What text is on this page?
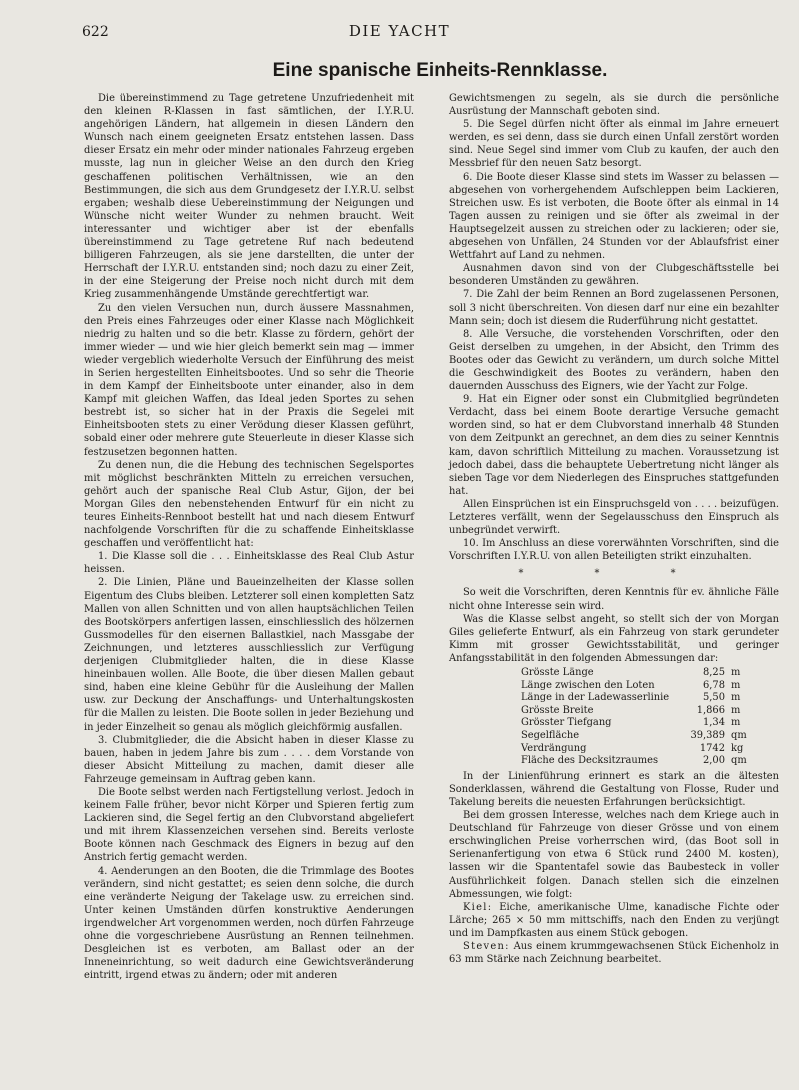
622	DIE YACHT
Eine spanische Einheits-Rennklasse.

Die übereinstimmend zu Tage getretene Unzufriedenheit mit den kleinen R-Klassen in fast sämtlichen, der I.Y.R.U. angehörigen Ländern, hat allgemein in diesen Ländern den Wunsch nach einem geeigneten Ersatz entstehen lassen. Dass dieser Ersatz ein mehr oder minder nationales Fahrzeug ergeben musste, lag nun in gleicher Weise an den durch den Krieg geschaffenen politischen Verhältnissen, wie an den Bestimmungen, die sich aus dem Grundgesetz der I.Y.R.U. selbst ergaben; weshalb diese Uebereinstimmung der Neigungen und Wünsche nicht weiter Wunder zu nehmen braucht. Weit interessanter und wichtiger aber ist der ebenfalls übereinstimmend zu Tage getretene Ruf nach bedeutend billigeren Fahrzeugen, als sie jene darstellten, die unter der Herrschaft der I.Y.R.U. entstanden sind; noch dazu zu einer Zeit, in der eine Steigerung der Preise noch nicht durch mit dem Krieg zusammenhängende Umstände gerechtfertigt war.

Zu den vielen Versuchen nun, durch äussere Massnahmen, den Preis eines Fahrzeuges oder einer Klasse nach Möglichkeit niedrig zu halten und so die betr. Klasse zu fördern, gehört der immer wieder — und wie hier gleich bemerkt sein mag — immer wieder vergeblich wiederholte Versuch der Einführung des meist in Serien hergestellten Einheitsbootes. Und so sehr die Theorie in dem Kampf der Einheitsboote unter einander, also in dem Kampf mit gleichen Waffen, das Ideal jeden Sportes zu sehen bestrebt ist, so sicher hat in der Praxis die Segelei mit Einheitsbooten stets zu einer Verödung dieser Klassen geführt, sobald einer oder mehrere gute Steuerleute in dieser Klasse sich festzusetzen begonnen hatten.

Zu denen nun, die die Hebung des technischen Segelsportes mit möglichst beschränkten Mitteln zu erreichen versuchen, gehört auch der spanische Real Club Astur, Gijon, der bei Morgan Giles den nebenstehenden Entwurf für ein nicht zu teures Einheits-Rennboot bestellt hat und nach diesem Entwurf nachfolgende Vorschriften für die zu schaffende Einheitsklasse geschaffen und veröffentlicht hat:

1. Die Klasse soll die . . . Einheitsklasse des Real Club Astur heissen.

2. Die Linien, Pläne und Baueinzelheiten der Klasse sollen Eigentum des Clubs bleiben. Letzterer soll einen kompletten Satz Mallen von allen Schnitten und von allen hauptsächlichen Teilen des Bootskörpers anfertigen lassen, einschliesslich des hölzernen Gussmodelles für den eisernen Ballastkiel, nach Massgabe der Zeichnungen, und letzteres ausschliesslich zur Verfügung derjenigen Clubmitglieder halten, die in diese Klasse hineinbauen wollen. Alle Boote, die über diesen Mallen gebaut sind, haben eine kleine Gebühr für die Ausleihung der Mallen usw. zur Deckung der Anschaffungs- und Unterhaltungskosten für die Mallen zu leisten. Die Boote sollen in jeder Beziehung und in jeder Einzelheit so genau als möglich gleichförmig ausfallen.

3. Clubmitglieder, die die Absicht haben in dieser Klasse zu bauen, haben in jedem Jahre bis zum . . . . dem Vorstande von dieser Absicht Mitteilung zu machen, damit dieser alle Fahrzeuge gemeinsam in Auftrag geben kann.

Die Boote selbst werden nach Fertigstellung verlost. Jedoch in keinem Falle früher, bevor nicht Körper und Spieren fertig zum Lackieren sind, die Segel fertig an den Clubvorstand abgeliefert und mit ihrem Klassenzeichen versehen sind. Bereits verloste Boote können nach Geschmack des Eigners in bezug auf den Anstrich fertig gemacht werden.

4. Aenderungen an den Booten, die die Trimmlage des Bootes verändern, sind nicht gestattet; es seien denn solche, die durch eine veränderte Neigung der Takelage usw. zu erreichen sind. Unter keinen Umständen dürfen konstruktive Aenderungen irgendwelcher Art vorgenommen werden, noch dürfen Fahrzeuge ohne die vorgeschriebene Ausrüstung an Rennen teilnehmen. Desgleichen ist es verboten, am Ballast oder an der Inneneinrichtung, so weit dadurch eine Gewichtsveränderung eintritt, irgend etwas zu ändern; oder mit anderen

Gewichtsmengen zu segeln, als sie durch die persönliche Ausrüstung der Mannschaft geboten sind.

5. Die Segel dürfen nicht öfter als einmal im Jahre erneuert werden, es sei denn, dass sie durch einen Unfall zerstört worden sind. Neue Segel sind immer vom Club zu kaufen, der auch den Messbrief für den neuen Satz besorgt.

6. Die Boote dieser Klasse sind stets im Wasser zu belassen — abgesehen von vorhergehendem Aufschleppen beim Lackieren, Streichen usw. Es ist verboten, die Boote öfter als einmal in 14 Tagen aussen zu reinigen und sie öfter als zweimal in der Hauptsegelzeit aussen zu streichen oder zu lackieren; oder sie, abgesehen von Unfällen, 24 Stunden vor der Ablaufsfrist einer Wettfahrt auf Land zu nehmen.

Ausnahmen davon sind von der Clubgeschäftsstelle bei besonderen Umständen zu gewähren.

7. Die Zahl der beim Rennen an Bord zugelassenen Personen, soll 3 nicht überschreiten. Von diesen darf nur eine ein bezahlter Mann sein; doch ist diesem die Ruderführung nicht gestattet.

8. Alle Versuche, die vorstehenden Vorschriften, oder den Geist derselben zu umgehen, in der Absicht, den Trimm des Bootes oder das Gewicht zu verändern, um durch solche Mittel die Geschwindigkeit des Bootes zu verändern, haben den dauernden Ausschuss des Eigners, wie der Yacht zur Folge.

9. Hat ein Eigner oder sonst ein Clubmitglied begründeten Verdacht, dass bei einem Boote derartige Versuche gemacht worden sind, so hat er dem Clubvorstand innerhalb 48 Stunden von dem Zeitpunkt an gerechnet, an dem dies zu seiner Kenntnis kam, davon schriftlich Mitteilung zu machen. Voraussetzung ist jedoch dabei, dass die behauptete Uebertretung nicht länger als sieben Tage vor dem Niederlegen des Einspruches stattgefunden hat.

Allen Einsprüchen ist ein Einspruchsgeld von . . . . beizufügen. Letzteres verfällt, wenn der Segelausschuss den Einspruch als unbegründet verwirft.

10. Im Anschluss an diese vorerwähnten Vorschriften, sind die Vorschriften I.Y.R.U. von allen Beteiligten strikt einzuhalten.

* * *

So weit die Vorschriften, deren Kenntnis für ev. ähnliche Fälle nicht ohne Interesse sein wird.

Was die Klasse selbst angeht, so stellt sich der von Morgan Giles gelieferte Entwurf, als ein Fahrzeug von stark gerundeter Kimm mit grosser Gewichtsstabilität, und geringer Anfangsstabilität in den folgenden Abmessungen dar:

Grösste Länge	8,25	m
Länge zwischen den Loten	6,78	m
Länge in der Ladewasserlinie	5,50	m
Grösste Breite	1,866	m
Grösster Tiefgang	1,34	m
Segelfläche	39,389	qm
Verdrängung	1742	kg
Fläche des Decksitzraumes	2,00	qm

In der Linienführung erinnert es stark an die ältesten Sonderklassen, während die Gestaltung von Flosse, Ruder und Takelung bereits die neuesten Erfahrungen berücksichtigt.

Bei dem grossen Interesse, welches nach dem Kriege auch in Deutschland für Fahrzeuge von dieser Grösse und von einem erschwinglichen Preise vorherrschen wird, (das Boot soll in Serienanfertigung von etwa 6 Stück rund 2400 M. kosten), lassen wir die Spantentafel sowie das Baubesteck in voller Ausführlichkeit folgen. Danach stellen sich die einzelnen Abmessungen, wie folgt:

Kiel: Eiche, amerikanische Ulme, kanadische Fichte oder Lärche; 265 × 50 mm mittschiffs, nach den Enden zu verjüngt und im Dampfkasten aus einem Stück gebogen.

Steven: Aus einem krummgewachsenen Stück Eichenholz in 63 mm Stärke nach Zeichnung bearbeitet.
